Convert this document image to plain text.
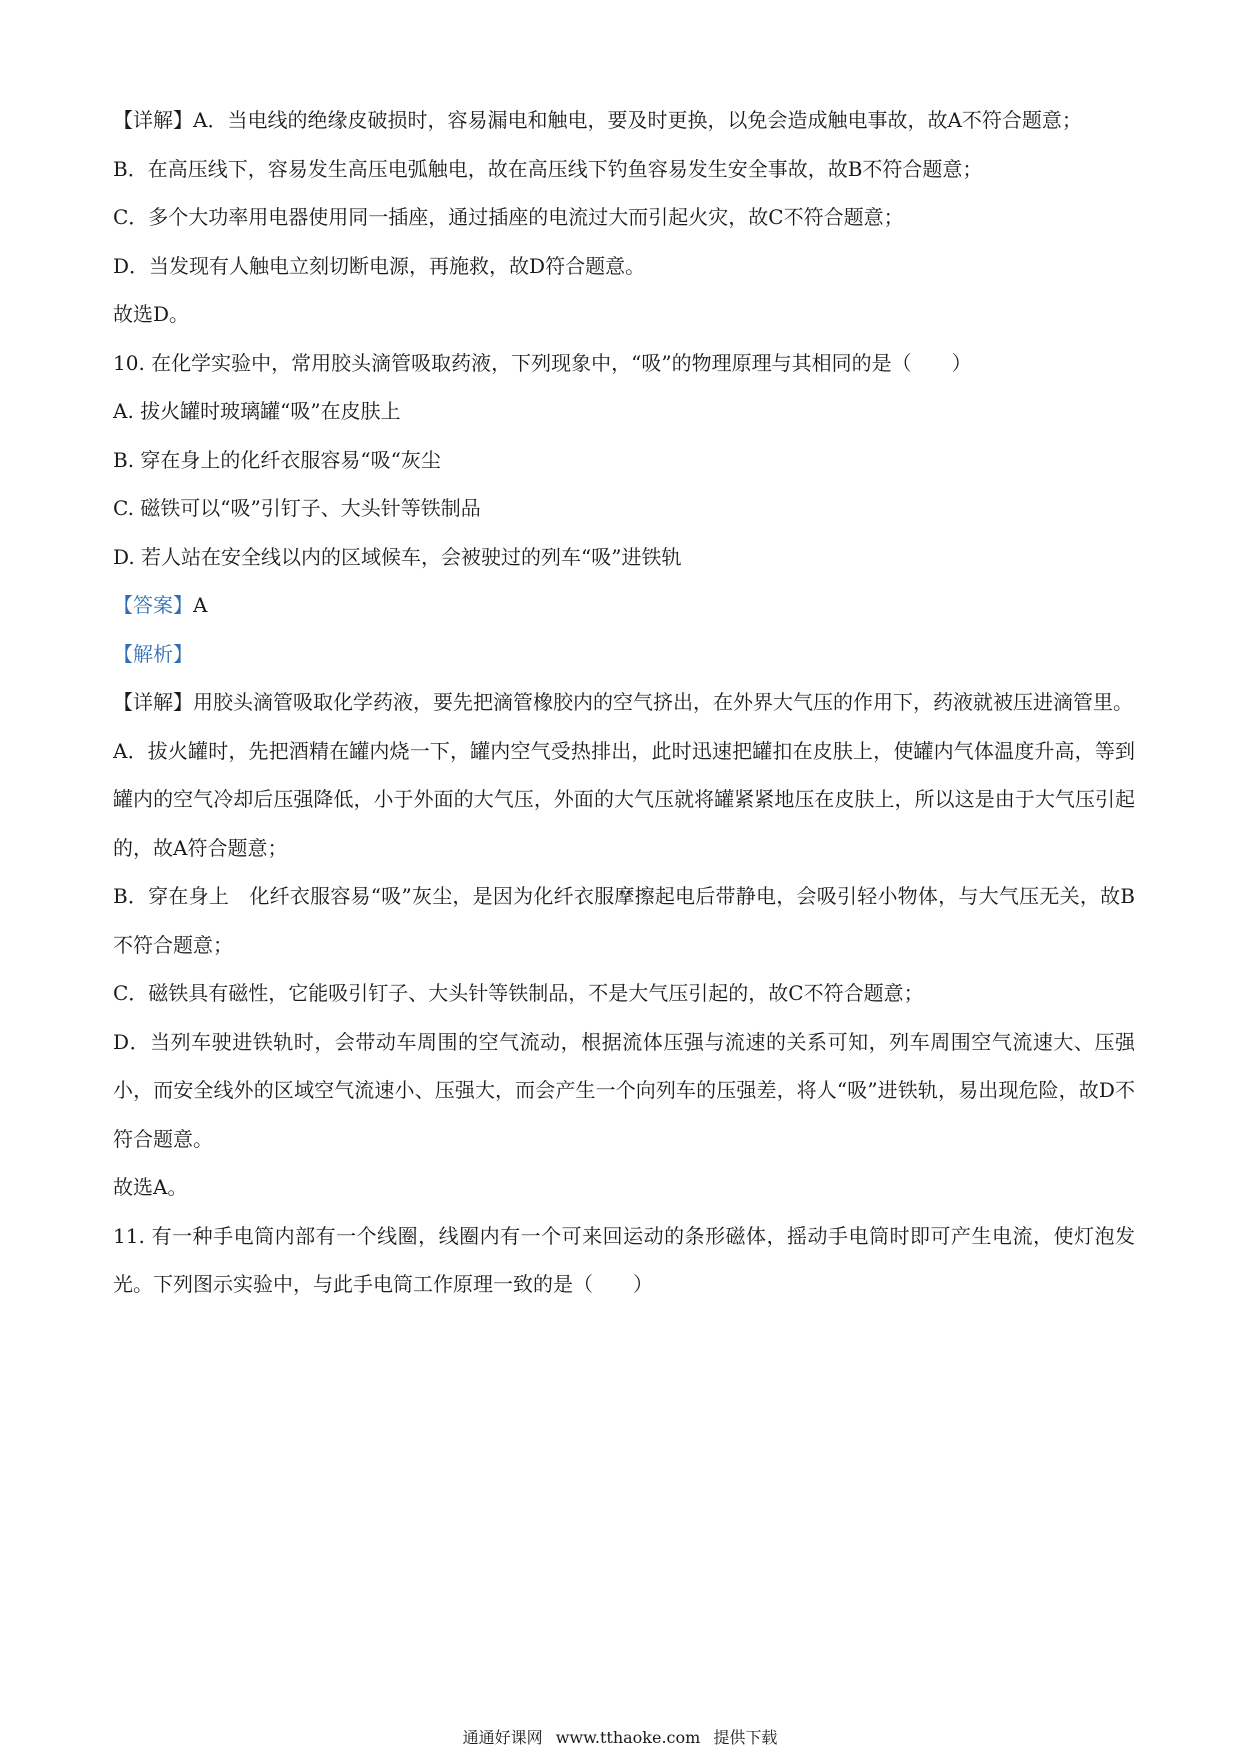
【详解】A．当电线的绝缘皮破损时，容易漏电和触电，要及时更换，以免会造成触电事故，故A不符合题意；

B．在高压线下，容易发生高压电弧触电，故在高压线下钓鱼容易发生安全事故，故B不符合题意；

C．多个大功率用电器使用同一插座，通过插座的电流过大而引起火灾，故C不符合题意；

D．当发现有人触电立刻切断电源，再施救，故D符合题意。

故选D。

10. 在化学实验中，常用胶头滴管吸取药液，下列现象中，“吸”的物理原理与其相同的是（　　）

A. 拔火罐时玻璃罐“吸”在皮肤上

B. 穿在身上的化纤衣服容易“吸“灰尘

C. 磁铁可以“吸”引钉子、大头针等铁制品

D. 若人站在安全线以内的区域候车，会被驶过的列车“吸”进铁轨

【答案】A

【解析】

【详解】用胶头滴管吸取化学药液，要先把滴管橡胶内的空气挤出，在外界大气压的作用下，药液就被压进滴管里。

A．拔火罐时，先把酒精在罐内烧一下，罐内空气受热排出，此时迅速把罐扣在皮肤上，使罐内气体温度升高，等到罐内的空气冷却后压强降低，小于外面的大气压，外面的大气压就将罐紧紧地压在皮肤上，所以这是由于大气压引起的，故A符合题意；

B．穿在身上　化纤衣服容易“吸”灰尘，是因为化纤衣服摩擦起电后带静电，会吸引轻小物体，与大气压无关，故B不符合题意；

C．磁铁具有磁性，它能吸引钉子、大头针等铁制品，不是大气压引起的，故C不符合题意；

D．当列车驶进铁轨时，会带动车周围的空气流动，根据流体压强与流速的关系可知，列车周围空气流速大、压强小，而安全线外的区域空气流速小、压强大，而会产生一个向列车的压强差，将人“吸”进铁轨，易出现危险，故D不符合题意。

故选A。

11. 有一种手电筒内部有一个线圈，线圈内有一个可来回运动的条形磁体，摇动手电筒时即可产生电流，使灯泡发光。下列图示实验中，与此手电筒工作原理一致的是（　　）

通通好课网 www.tthaoke.com 提供下载
